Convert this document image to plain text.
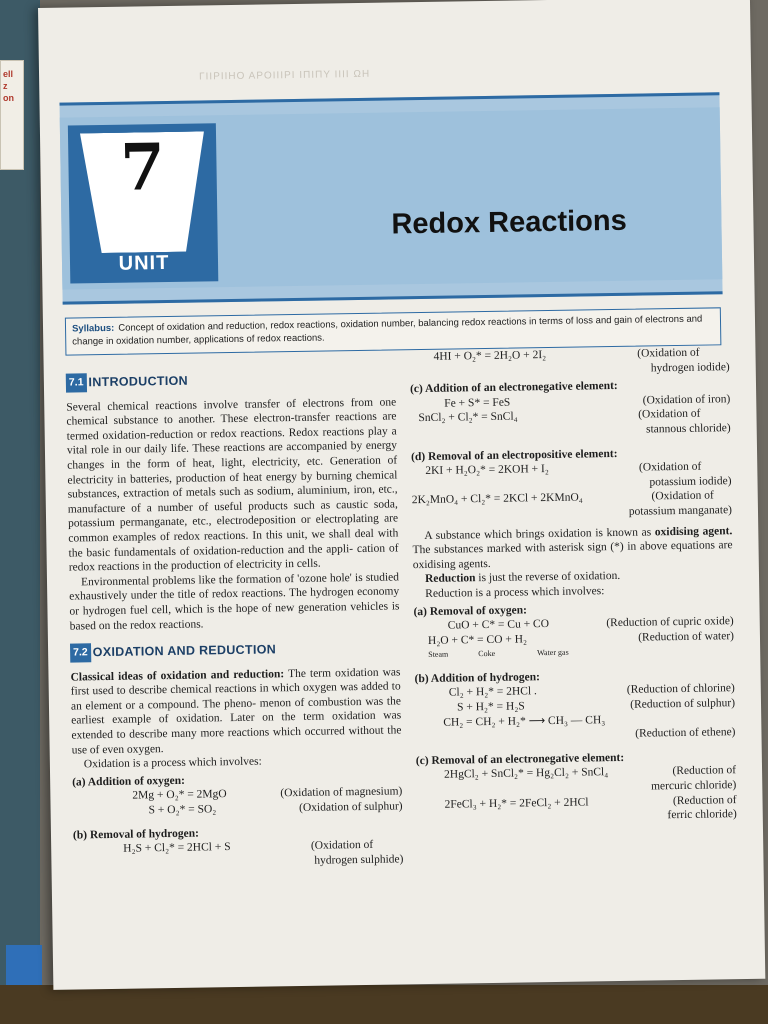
ell
z
on
ΓΙΙΡΙΙΗΟ ΑΡΟΙΙΙΡΙ ΙΠΙΠΥ ΙΙΙΙ ΩΗ
7
UNIT
Redox Reactions
Syllabus: Concept of oxidation and reduction, redox reactions, oxidation number, balancing redox reactions in terms of loss and gain of electrons and change in oxidation number, applications of redox reactions.
7.1 INTRODUCTION

Several chemical reactions involve transfer of electrons from one chemical substance to another. These electron-transfer reactions are termed oxidation-reduction or redox reactions. Redox reactions play a vital role in our daily life. These reactions are accompanied by energy changes in the form of heat, light, electricity, etc. Generation of electricity in batteries, production of heat energy by burning chemical substances, extraction of metals such as sodium, aluminium, iron, etc., manufacture of a number of useful products such as caustic soda, potassium permanganate, etc., electrodeposition or electroplating are common examples of redox reactions. In this unit, we shall deal with the basic fundamentals of oxidation-reduction and the appli- cation of redox reactions in the production of electricity in cells.

Environmental problems like the formation of 'ozone hole' is studied exhaustively under the title of redox reactions. The hydrogen economy or hydrogen fuel cell, which is the hope of new generation vehicles is based on the redox reactions.

7.2 OXIDATION AND REDUCTION

Classical ideas of oxidation and reduction: The term oxidation was first used to describe chemical reactions in which oxygen was added to an element or a compound. The pheno- menon of combustion was the earliest example of oxidation. Later on the term oxidation was extended to describe many more reactions which occurred without the use of even oxygen.

Oxidation is a process which involves:

(a) Addition of oxygen:
2Mg + O₂* = 2MgO	(Oxidation of magnesium)
S + O₂* = SO₂	(Oxidation of sulphur)
(b) Removal of hydrogen:
H₂S + Cl₂* = 2HCl + S	(Oxidation of
hydrogen sulphide)
4HI + O₂* = 2H₂O + 2I₂	(Oxidation of
hydrogen iodide)
(c) Addition of an electronegative element:
Fe + S* = FeS	(Oxidation of iron)
SnCl₂ + Cl₂* = SnCl₄	(Oxidation of
stannous chloride)
(d) Removal of an electropositive element:
2KI + H₂O₂* = 2KOH + I₂	(Oxidation of
potassium iodide)
2K₂MnO₄ + Cl₂* = 2KCl + 2KMnO₄	(Oxidation of
potassium manganate)

A substance which brings oxidation is known as oxidising agent. The substances marked with asterisk sign (*) in above equations are oxidising agents.

Reduction is just the reverse of oxidation.

Reduction is a process which involves:

(a) Removal of oxygen:
CuO + C* = Cu + CO	(Reduction of cupric oxide)
H₂O + C* = CO + H₂	(Reduction of water)
Steam	Coke	Water gas
(b) Addition of hydrogen:
Cl₂ + H₂* = 2HCl .	(Reduction of chlorine)
S + H₂* = H₂S	(Reduction of sulphur)
CH₂ = CH₂ + H₂* ⟶ CH₃ — CH₃
(Reduction of ethene)
(c) Removal of an electronegative element:
2HgCl₂ + SnCl₂* = Hg₂Cl₂ + SnCl₄	(Reduction of
mercuric chloride)
2FeCl₃ + H₂* = 2FeCl₂ + 2HCl	(Reduction of
ferric chloride)
